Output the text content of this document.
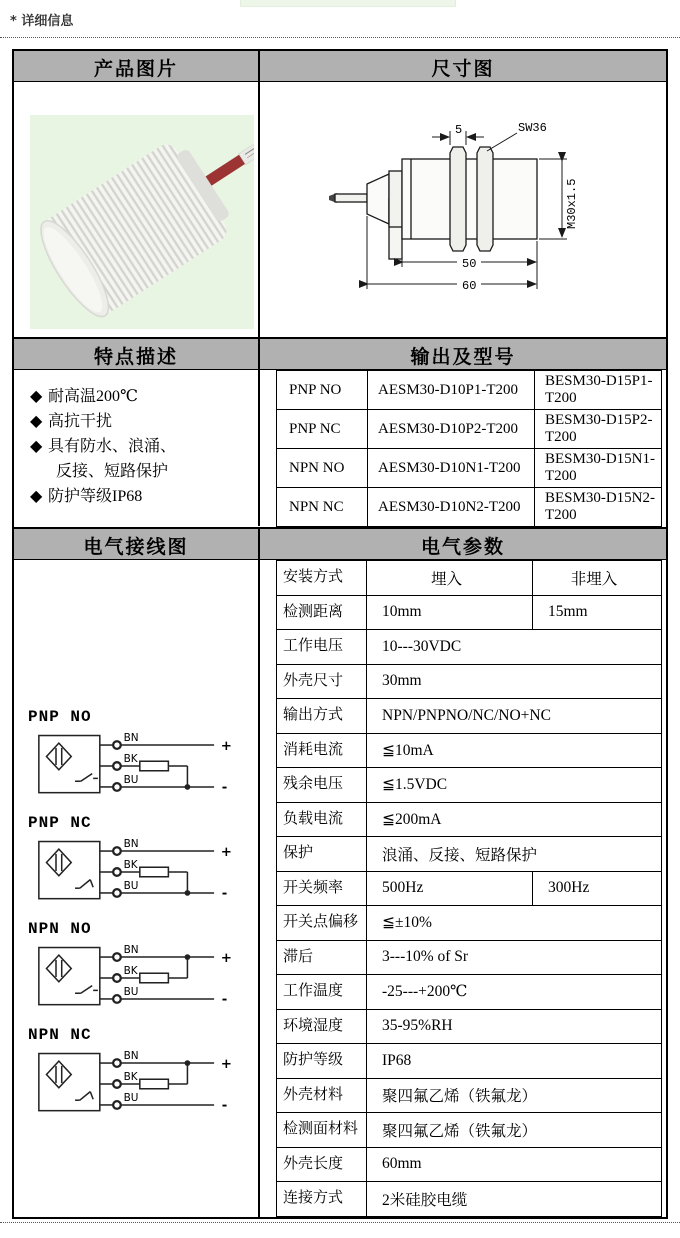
* 详细信息
产品图片	尺寸图
5	SW36
M30x1.5
50
60
特点描述	输出及型号
◆ 耐高温200℃
◆ 高抗干扰
◆ 具有防水、浪涌、
反接、短路保护
◆ 防护等级IP68
PNP NO	AESM30-D10P1-T200	BESM30-D15P1-T200
PNP NC	AESM30-D10P2-T200	BESM30-D15P2-T200
NPN NO	AESM30-D10N1-T200	BESM30-D15N1-T200
NPN NC	AESM30-D10N2-T200	BESM30-D15N2-T200
电气接线图	电气参数
PNP NO
BN
BK
BU
+
-
PNP NC
BN
BK
BU
+
-
NPN NO
BN
BK
BU
+
-
NPN NC
BN
BK
BU
+
-
安装方式	埋入	非埋入
检测距离	10mm	15mm
工作电压	10---30VDC	
外壳尺寸	30mm	
输出方式	NPN/PNPNO/NC/NO+NC	
消耗电流	≦10mA	
残余电压	≦1.5VDC	
负载电流	≦200mA	
保护	浪涌、反接、短路保护	
开关频率	500Hz	300Hz
开关点偏移	≦±10%	
滞后	3---10% of Sr	
工作温度	-25---+200℃	
环境湿度	35-95%RH	
防护等级	IP68	
外壳材料	聚四氟乙烯（铁氟龙）	
检测面材料	聚四氟乙烯（铁氟龙）	
外壳长度	60mm	
连接方式	2米硅胶电缆	
